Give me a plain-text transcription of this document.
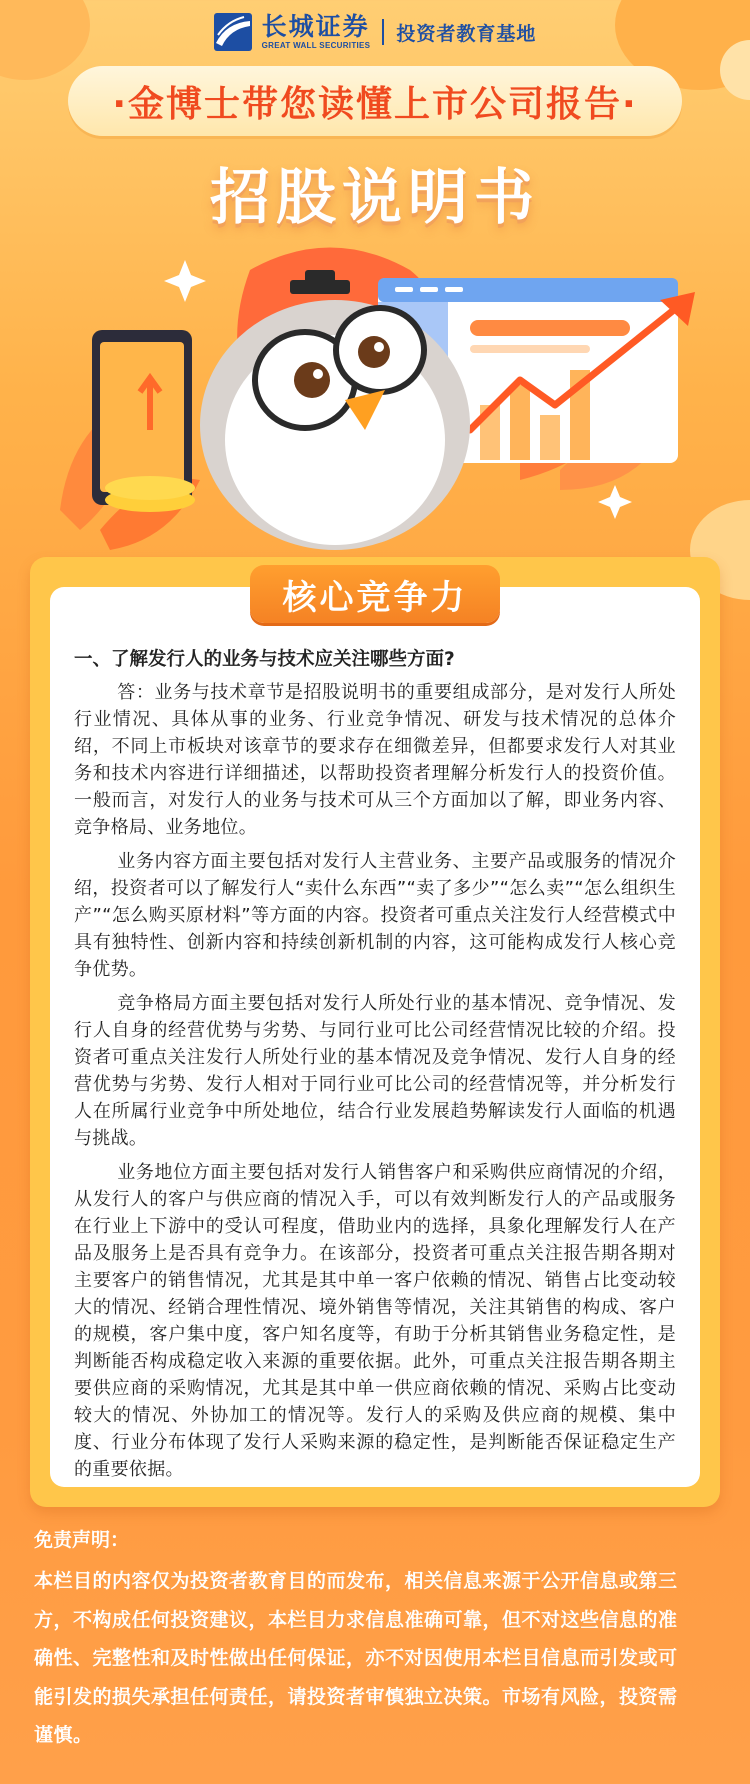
长城证券
GREAT WALL SECURITIES
投资者教育基地
·金博士带您读懂上市公司报告·
招股说明书

一、了解发行人的业务与技术应关注哪些方面?

答：业务与技术章节是招股说明书的重要组成部分，是对发行人所处行业情况、具体从事的业务、行业竞争情况、研发与技术情况的总体介绍，不同上市板块对该章节的要求存在细微差异，但都要求发行人对其业务和技术内容进行详细描述，以帮助投资者理解分析发行人的投资价值。一般而言，对发行人的业务与技术可从三个方面加以了解，即业务内容、竞争格局、业务地位。

业务内容方面主要包括对发行人主营业务、主要产品或服务的情况介绍，投资者可以了解发行人“卖什么东西”“卖了多少”“怎么卖”“怎么组织生产”“怎么购买原材料”等方面的内容。投资者可重点关注发行人经营模式中具有独特性、创新内容和持续创新机制的内容，这可能构成发行人核心竞争优势。

竞争格局方面主要包括对发行人所处行业的基本情况、竞争情况、发行人自身的经营优势与劣势、与同行业可比公司经营情况比较的介绍。投资者可重点关注发行人所处行业的基本情况及竞争情况、发行人自身的经营优势与劣势、发行人相对于同行业可比公司的经营情况等，并分析发行人在所属行业竞争中所处地位，结合行业发展趋势解读发行人面临的机遇与挑战。

业务地位方面主要包括对发行人销售客户和采购供应商情况的介绍，从发行人的客户与供应商的情况入手，可以有效判断发行人的产品或服务在行业上下游中的受认可程度，借助业内的选择，具象化理解发行人在产品及服务上是否具有竞争力。在该部分，投资者可重点关注报告期各期对主要客户的销售情况，尤其是其中单一客户依赖的情况、销售占比变动较大的情况、经销合理性情况、境外销售等情况，关注其销售的构成、客户的规模，客户集中度，客户知名度等，有助于分析其销售业务稳定性，是判断能否构成稳定收入来源的重要依据。此外，可重点关注报告期各期主要供应商的采购情况，尤其是其中单一供应商依赖的情况、采购占比变动较大的情况、外协加工的情况等。发行人的采购及供应商的规模、集中度、行业分布体现了发行人采购来源的稳定性，是判断能否保证稳定生产的重要依据。

核心竞争力

免责声明：

本栏目的内容仅为投资者教育目的而发布，相关信息来源于公开信息或第三方，不构成任何投资建议，本栏目力求信息准确可靠，但不对这些信息的准确性、完整性和及时性做出任何保证，亦不对因使用本栏目信息而引发或可能引发的损失承担任何责任，请投资者审慎独立决策。市场有风险，投资需谨慎。
